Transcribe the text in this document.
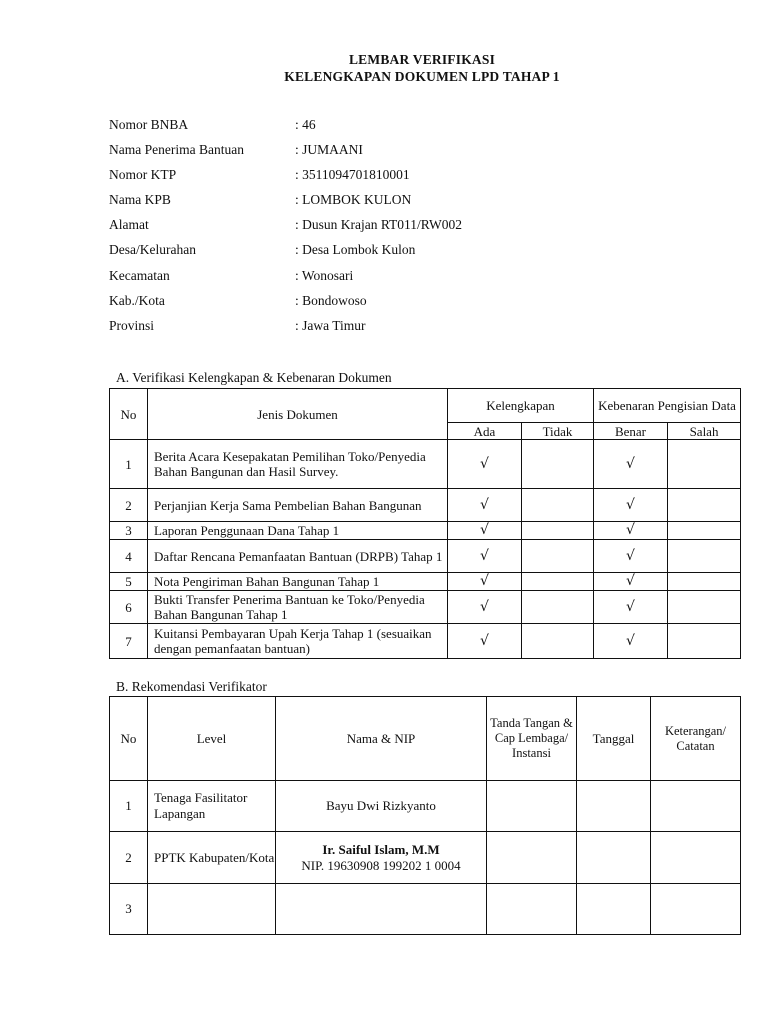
LEMBAR VERIFIKASI
KELENGKAPAN DOKUMEN LPD TAHAP 1
Nomor BNBA	: 46
Nama Penerima Bantuan	: JUMAANI
Nomor KTP	: 3511094701810001
Nama KPB	: LOMBOK KULON
Alamat	: Dusun Krajan RT011/RW002
Desa/Kelurahan	: Desa Lombok Kulon
Kecamatan	: Wonosari
Kab./Kota	: Bondowoso
Provinsi	: Jawa Timur
A. Verifikasi Kelengkapan & Kebenaran Dokumen
No	Jenis Dokumen	Kelengkapan		Kebenaran Pengisian Data	
		Ada	Tidak	Benar	Salah
1	Berita Acara Kesepakatan Pemilihan Toko/Penyedia Bahan Bangunan dan Hasil Survey.	√		√	
2	Perjanjian Kerja Sama Pembelian Bahan Bangunan	√		√	
3	Laporan Penggunaan Dana Tahap 1	√		√	
4	Daftar Rencana Pemanfaatan Bantuan (DRPB) Tahap 1	√		√	
5	Nota Pengiriman Bahan Bangunan Tahap 1	√		√	
6	Bukti Transfer Penerima Bantuan ke Toko/Penyedia Bahan Bangunan Tahap 1	√		√	
7	Kuitansi Pembayaran Upah Kerja Tahap 1 (sesuaikan dengan pemanfaatan bantuan)	√		√	
B. Rekomendasi Verifikator
No	Level	Nama & NIP	Tanda Tangan & Cap Lembaga/ Instansi	Tanggal	Keterangan/ Catatan
1	Tenaga Fasilitator Lapangan	Bayu Dwi Rizkyanto			

2	PPTK Kabupaten/Kota	Ir. Saiful Islam, M.M
NIP. 19630908 199202 1 0004			

3		
